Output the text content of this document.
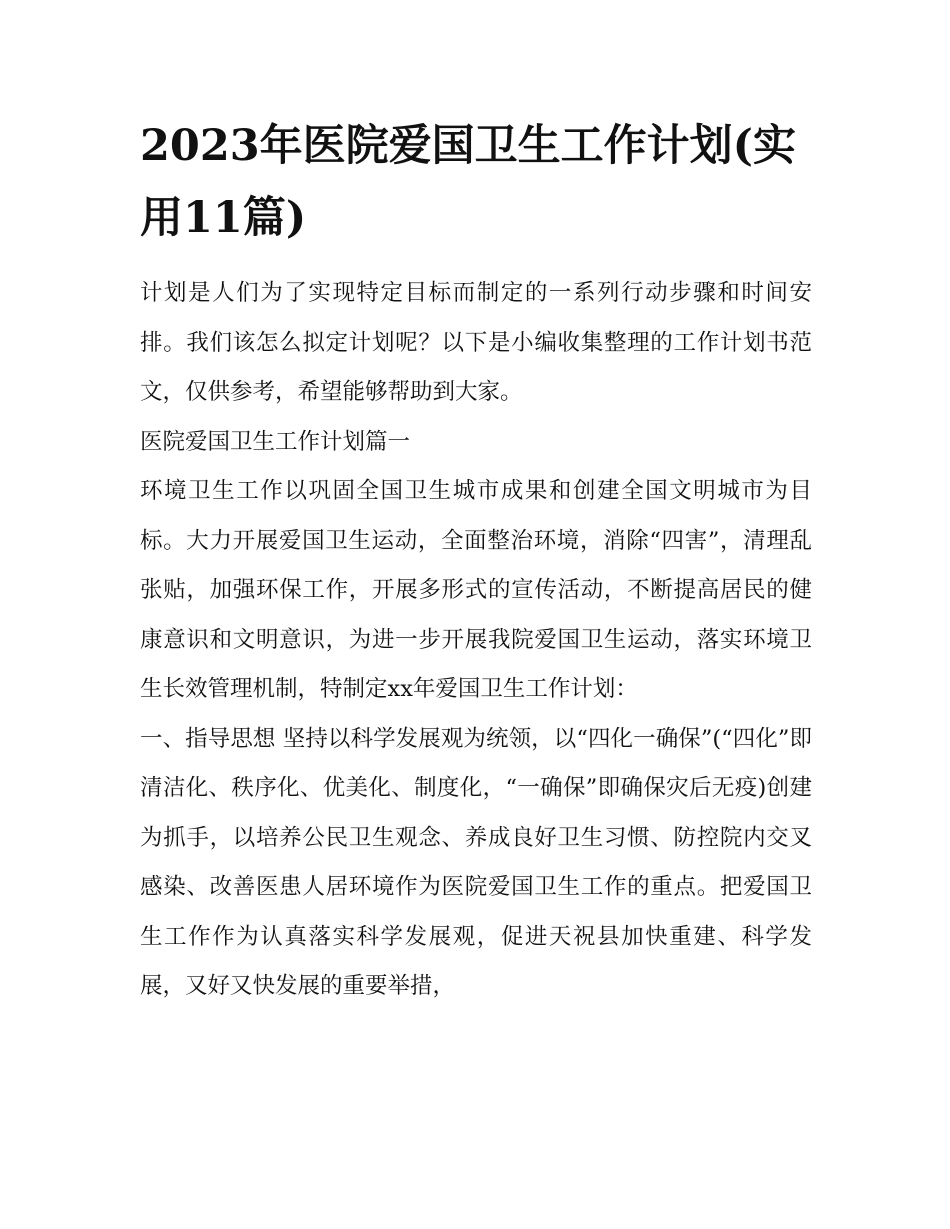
2023年医院爱国卫生工作计划(实用11篇)

计划是人们为了实现特定目标而制定的一系列行动步骤和时间安排。我们该怎么拟定计划呢？以下是小编收集整理的工作计划书范文，仅供参考，希望能够帮助到大家。

医院爱国卫生工作计划篇一

环境卫生工作以巩固全国卫生城市成果和创建全国文明城市为目标。大力开展爱国卫生运动，全面整治环境，消除“四害”，清理乱张贴，加强环保工作，开展多形式的宣传活动，不断提高居民的健康意识和文明意识，为进一步开展我院爱国卫生运动，落实环境卫生长效管理机制，特制定xx年爱国卫生工作计划：

一、指导思想 坚持以科学发展观为统领，以“四化一确保”(“四化”即清洁化、秩序化、优美化、制度化，“一确保”即确保灾后无疫)创建为抓手，以培养公民卫生观念、养成良好卫生习惯、防控院内交叉感染、改善医患人居环境作为医院爱国卫生工作的重点。把爱国卫生工作作为认真落实科学发展观，促进天祝县加快重建、科学发展，又好又快发展的重要举措，
